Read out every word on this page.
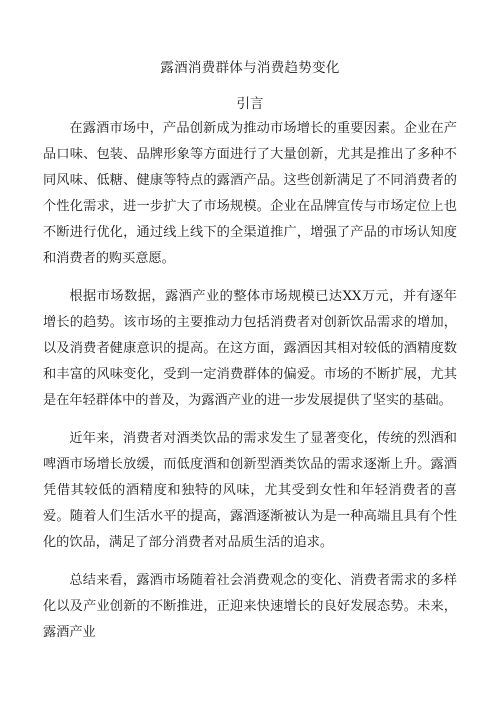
露酒消费群体与消费趋势变化
引言

在露酒市场中，产品创新成为推动市场增长的重要因素。企业在产品口味、包装、品牌形象等方面进行了大量创新，尤其是推出了多种不同风味、低糖、健康等特点的露酒产品。这些创新满足了不同消费者的个性化需求，进一步扩大了市场规模。企业在品牌宣传与市场定位上也不断进行优化，通过线上线下的全渠道推广，增强了产品的市场认知度和消费者的购买意愿。

根据市场数据，露酒产业的整体市场规模已达XX万元，并有逐年增长的趋势。该市场的主要推动力包括消费者对创新饮品需求的增加，以及消费者健康意识的提高。在这方面，露酒因其相对较低的酒精度数和丰富的风味变化，受到一定消费群体的偏爱。市场的不断扩展，尤其是在年轻群体中的普及，为露酒产业的进一步发展提供了坚实的基础。

近年来，消费者对酒类饮品的需求发生了显著变化，传统的烈酒和啤酒市场增长放缓，而低度酒和创新型酒类饮品的需求逐渐上升。露酒凭借其较低的酒精度和独特的风味，尤其受到女性和年轻消费者的喜爱。随着人们生活水平的提高，露酒逐渐被认为是一种高端且具有个性化的饮品，满足了部分消费者对品质生活的追求。

总结来看，露酒市场随着社会消费观念的变化、消费者需求的多样化以及产业创新的不断推进，正迎来快速增长的良好发展态势。未来，露酒产业
